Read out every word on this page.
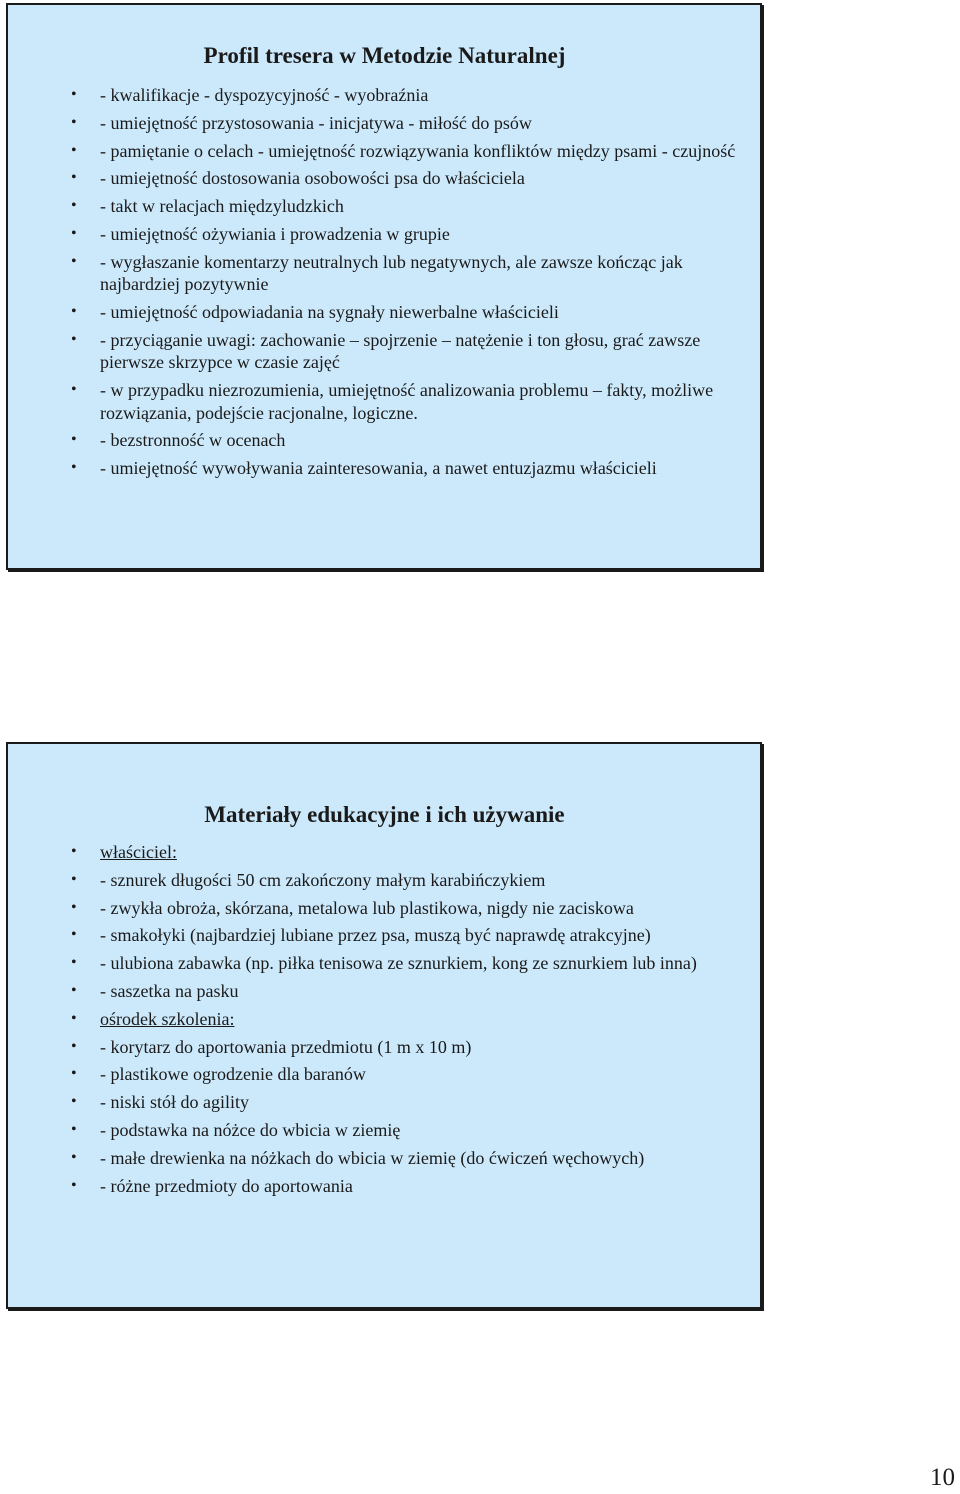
Profil tresera w Metodzie Naturalnej
• - kwalifikacje - dyspozycyjność - wyobraźnia
• - umiejętność przystosowania - inicjatywa - miłość do psów
• - pamiętanie o celach - umiejętność rozwiązywania konfliktów między psami - czujność
• - umiejętność dostosowania osobowości psa do właściciela
• - takt w relacjach międzyludzkich
• - umiejętność ożywiania i prowadzenia w grupie
• - wygłaszanie komentarzy neutralnych lub negatywnych, ale zawsze kończąc jak najbardziej pozytywnie
• - umiejętność odpowiadania na sygnały niewerbalne właścicieli
• - przyciąganie uwagi: zachowanie – spojrzenie – natężenie i ton głosu, grać zawsze pierwsze skrzypce w czasie zajęć
• - w przypadku niezrozumienia, umiejętność analizowania problemu – fakty, możliwe rozwiązania, podejście racjonalne, logiczne.
• - bezstronność w ocenach
• - umiejętność wywoływania zainteresowania, a nawet entuzjazmu właścicieli
Materiały edukacyjne i ich używanie
• właściciel:
• - sznurek długości 50 cm zakończony małym karabińczykiem
• - zwykła obroża, skórzana, metalowa lub plastikowa, nigdy nie zaciskowa
• - smakołyki (najbardziej lubiane przez psa, muszą być naprawdę atrakcyjne)
• - ulubiona zabawka (np. piłka tenisowa ze sznurkiem, kong ze sznurkiem lub inna)
• - saszetka na pasku
• ośrodek szkolenia:
• - korytarz do aportowania przedmiotu (1 m x 10 m)
• - plastikowe ogrodzenie dla baranów
• - niski stół do agility
• - podstawka na nóżce do wbicia w ziemię
• - małe drewienka na nóżkach do wbicia w ziemię (do ćwiczeń węchowych)
• - różne przedmioty do aportowania
10
